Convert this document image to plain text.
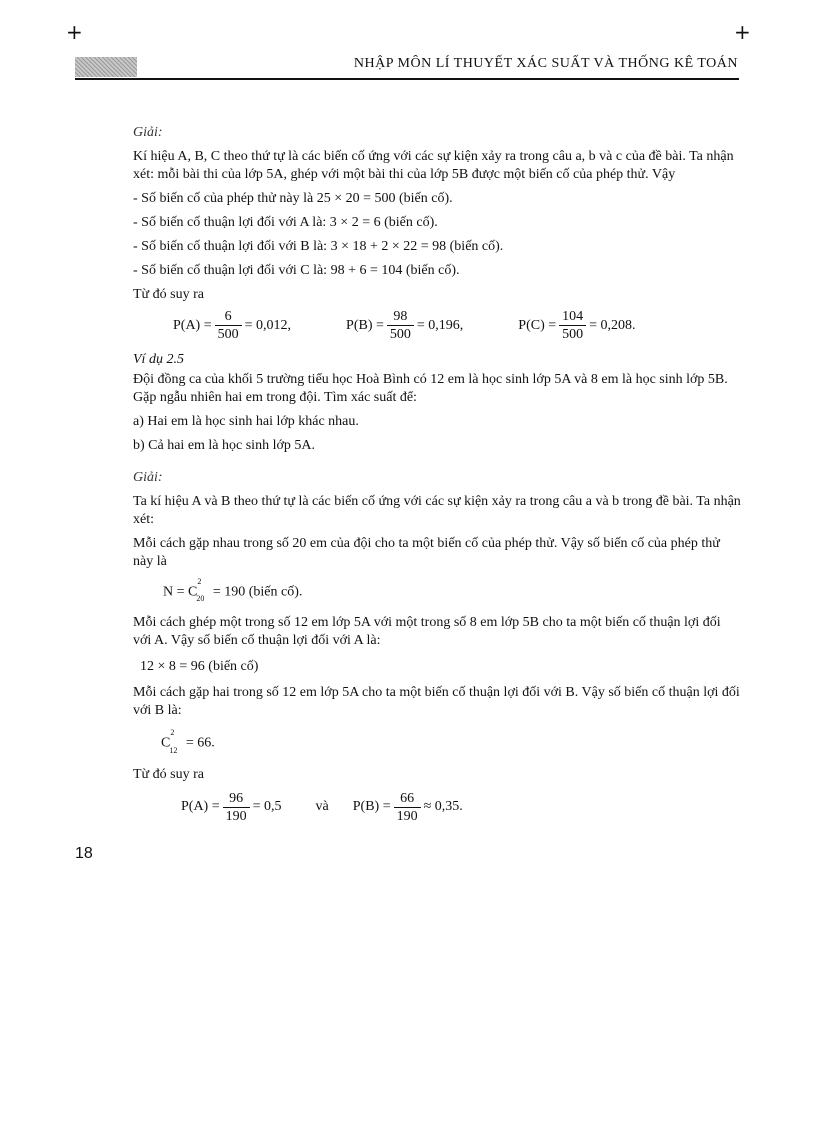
+	+
NHẬP MÔN LÍ THUYẾT XÁC SUẤT VÀ THỐNG KÊ TOÁN

Giải:

Kí hiệu A, B, C theo thứ tự là các biến cố ứng với các sự kiện xảy ra trong câu a, b và c của đề bài. Ta nhận xét: mỗi bài thi của lớp 5A, ghép với một bài thi của lớp 5B được một biến cố của phép thử. Vậy

- Số biến cố của phép thử này là 25 × 20 = 500 (biến cố).

- Số biến cố thuận lợi đối với A là: 3 × 2 = 6 (biến cố).

- Số biến cố thuận lợi đối với B là: 3 × 18 + 2 × 22 = 98 (biến cố).

- Số biến cố thuận lợi đối với C là: 98 + 6 = 104 (biến cố).

Từ đó suy ra

$P(A) = \frac{6}{500} = 0,012$,	$P(B) = \frac{98}{500} = 0,196$,	$P(C) = \frac{104}{500} = 0,208$.

Ví dụ 2.5

Đội đồng ca của khối 5 trường tiểu học Hoà Bình có 12 em là học sinh lớp 5A và 8 em là học sinh lớp 5B. Gặp ngẫu nhiên hai em trong đội. Tìm xác suất để:

a) Hai em là học sinh hai lớp khác nhau.

b) Cả hai em là học sinh lớp 5A.

Giải:

Ta kí hiệu A và B theo thứ tự là các biến cố ứng với các sự kiện xảy ra trong câu a và b trong đề bài. Ta nhận xét:

Mỗi cách gặp nhau trong số 20 em của đội cho ta một biến cố của phép thử. Vậy số biến cố của phép thử này là

$N = C^2_{20} = 190$ (biến cố).

Mỗi cách ghép một trong số 12 em lớp 5A với một trong số 8 em lớp 5B cho ta một biến cố thuận lợi đối với A. Vậy số biến cố thuận lợi đối với A là:

12 × 8 = 96 (biến cố)

Mỗi cách gặp hai trong số 12 em lớp 5A cho ta một biến cố thuận lợi đối với B. Vậy số biến cố thuận lợi đối với B là:

$C^2_{12} = 66$.

Từ đó suy ra

$P(A) = \frac{96}{190} = 0,5$ và $P(B) = \frac{66}{190} \approx 0,35$.
18
